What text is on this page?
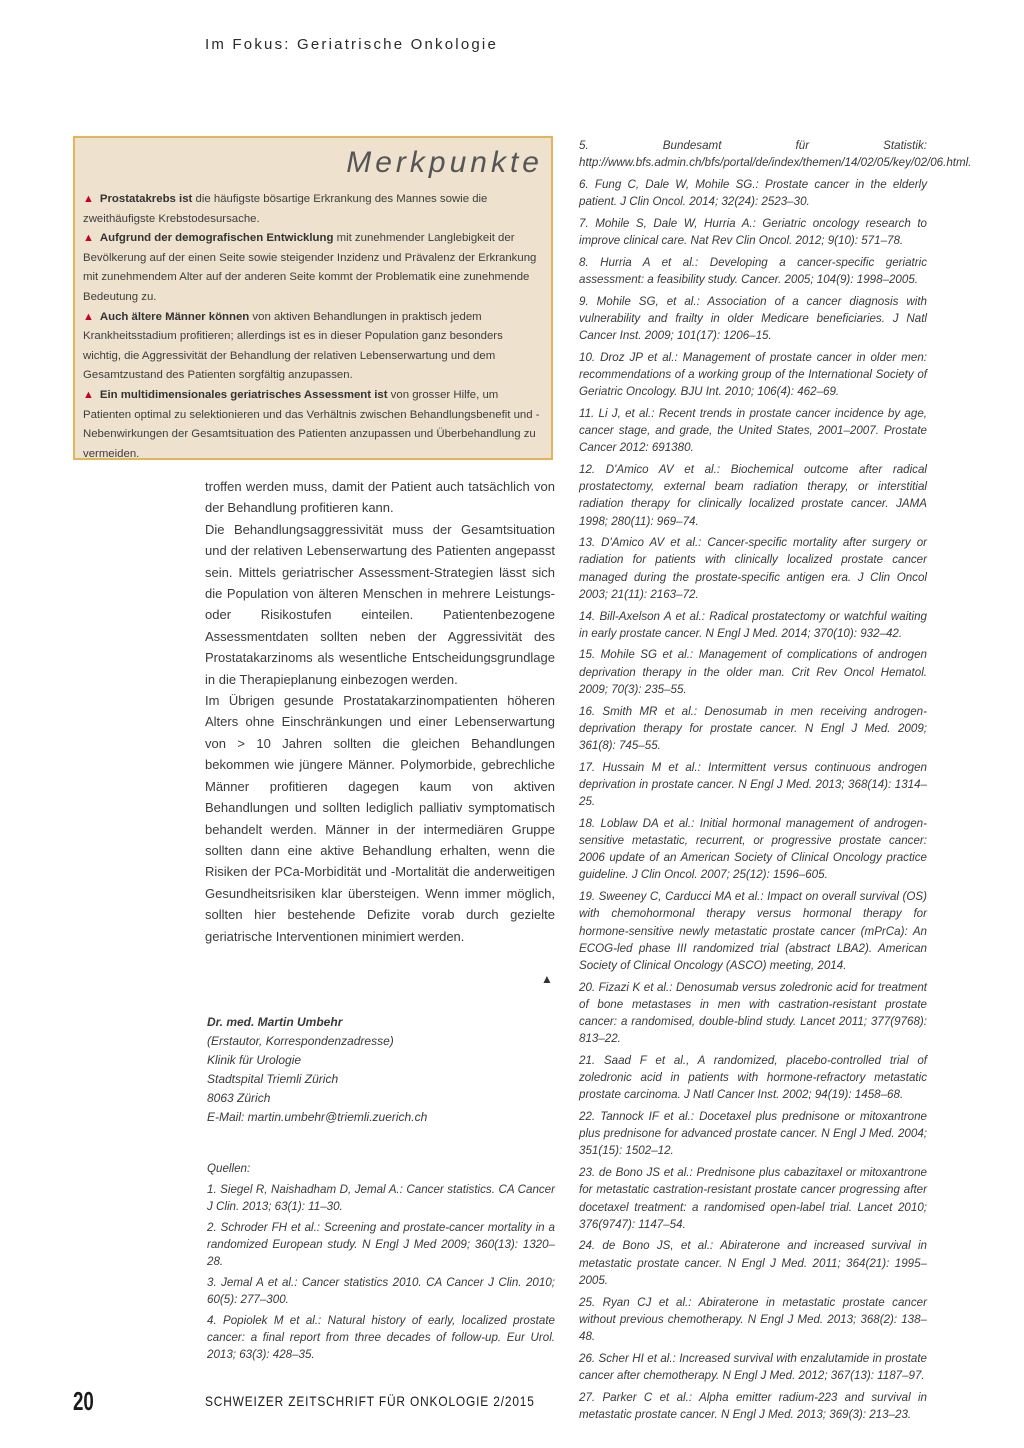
Im Fokus: Geriatrische Onkologie
Merkpunkte
▲ Prostatakrebs ist die häufigste bösartige Erkrankung des Mannes sowie die zweithäufigste Krebstodesursache.
▲ Aufgrund der demografischen Entwicklung mit zunehmender Langlebigkeit der Bevölkerung auf der einen Seite sowie steigender Inzidenz und Prävalenz der Erkrankung mit zunehmendem Alter auf der anderen Seite kommt der Problematik eine zunehmende Bedeutung zu.
▲ Auch ältere Männer können von aktiven Behandlungen in praktisch jedem Krankheitsstadium profitieren; allerdings ist es in dieser Population ganz besonders wichtig, die Aggressivität der Behandlung der relativen Lebenserwartung und dem Gesamtzustand des Patienten sorgfältig anzupassen.
▲ Ein multidimensionales geriatrisches Assessment ist von grosser Hilfe, um Patienten optimal zu selektionieren und das Verhältnis zwischen Behandlungsbenefit und -Nebenwirkungen der Gesamtsituation des Patienten anzupassen und Überbehandlung zu vermeiden.

troffen werden muss, damit der Patient auch tatsächlich von der Behandlung profitieren kann.

Die Behandlungsaggressivität muss der Gesamtsituation und der relativen Lebenserwartung des Patienten angepasst sein. Mittels geriatrischer Assessment-Strategien lässt sich die Population von älteren Menschen in mehrere Leistungs- oder Risikostufen einteilen. Patientenbezogene Assessmentdaten sollten neben der Aggressivität des Prostatakarzinoms als wesentliche Entscheidungsgrundlage in die Therapieplanung einbezogen werden.

Im Übrigen gesunde Prostatakarzinompatienten höheren Alters ohne Einschränkungen und einer Lebenserwartung von > 10 Jahren sollten die gleichen Behandlungen bekommen wie jüngere Männer. Polymorbide, gebrechliche Männer profitieren dagegen kaum von aktiven Behandlungen und sollten lediglich palliativ symptomatisch behandelt werden. Männer in der intermediären Gruppe sollten dann eine aktive Behandlung erhalten, wenn die Risiken der PCa-Morbidität und -Mortalität die anderweitigen Gesundheitsrisiken klar übersteigen. Wenn immer möglich, sollten hier bestehende Defizite vorab durch gezielte geriatrische Interventionen minimiert werden.

▲
Dr. med. Martin Umbehr
(Erstautor, Korrespondenzadresse)
Klinik für Urologie
Stadtspital Triemli Zürich
8063 Zürich
E-Mail: martin.umbehr@triemli.zuerich.ch
Quellen:
1. Siegel R, Naishadham D, Jemal A.: Cancer statistics. CA Cancer J Clin. 2013; 63(1): 11–30.
2. Schroder FH et al.: Screening and prostate-cancer mortality in a randomized European study. N Engl J Med 2009; 360(13): 1320–28.
3. Jemal A et al.: Cancer statistics 2010. CA Cancer J Clin. 2010; 60(5): 277–300.
4. Popiolek M et al.: Natural history of early, localized prostate cancer: a final report from three decades of follow-up. Eur Urol. 2013; 63(3): 428–35.
5. Bundesamt für Statistik: http://www.bfs.admin.ch/bfs/portal/de/index/themen/14/02/05/key/02/06.html.
6. Fung C, Dale W, Mohile SG.: Prostate cancer in the elderly patient. J Clin Oncol. 2014; 32(24): 2523–30.
7. Mohile S, Dale W, Hurria A.: Geriatric oncology research to improve clinical care. Nat Rev Clin Oncol. 2012; 9(10): 571–78.
8. Hurria A et al.: Developing a cancer-specific geriatric assessment: a feasibility study. Cancer. 2005; 104(9): 1998–2005.
9. Mohile SG, et al.: Association of a cancer diagnosis with vulnerability and frailty in older Medicare beneficiaries. J Natl Cancer Inst. 2009; 101(17): 1206–15.
10. Droz JP et al.: Management of prostate cancer in older men: recommendations of a working group of the International Society of Geriatric Oncology. BJU Int. 2010; 106(4): 462–69.
11. Li J, et al.: Recent trends in prostate cancer incidence by age, cancer stage, and grade, the United States, 2001–2007. Prostate Cancer 2012: 691380.
12. D'Amico AV et al.: Biochemical outcome after radical prostatectomy, external beam radiation therapy, or interstitial radiation therapy for clinically localized prostate cancer. JAMA 1998; 280(11): 969–74.
13. D'Amico AV et al.: Cancer-specific mortality after surgery or radiation for patients with clinically localized prostate cancer managed during the prostate-specific antigen era. J Clin Oncol 2003; 21(11): 2163–72.
14. Bill-Axelson A et al.: Radical prostatectomy or watchful waiting in early prostate cancer. N Engl J Med. 2014; 370(10): 932–42.
15. Mohile SG et al.: Management of complications of androgen deprivation therapy in the older man. Crit Rev Oncol Hematol. 2009; 70(3): 235–55.
16. Smith MR et al.: Denosumab in men receiving androgen-deprivation therapy for prostate cancer. N Engl J Med. 2009; 361(8): 745–55.
17. Hussain M et al.: Intermittent versus continuous androgen deprivation in prostate cancer. N Engl J Med. 2013; 368(14): 1314–25.
18. Loblaw DA et al.: Initial hormonal management of androgen-sensitive metastatic, recurrent, or progressive prostate cancer: 2006 update of an American Society of Clinical Oncology practice guideline. J Clin Oncol. 2007; 25(12): 1596–605.
19. Sweeney C, Carducci MA et al.: Impact on overall survival (OS) with chemohormonal therapy versus hormonal therapy for hormone-sensitive newly metastatic prostate cancer (mPrCa): An ECOG-led phase III randomized trial (abstract LBA2). American Society of Clinical Oncology (ASCO) meeting, 2014.
20. Fizazi K et al.: Denosumab versus zoledronic acid for treatment of bone metastases in men with castration-resistant prostate cancer: a randomised, double-blind study. Lancet 2011; 377(9768): 813–22.
21. Saad F et al., A randomized, placebo-controlled trial of zoledronic acid in patients with hormone-refractory metastatic prostate carcinoma. J Natl Cancer Inst. 2002; 94(19): 1458–68.
22. Tannock IF et al.: Docetaxel plus prednisone or mitoxantrone plus prednisone for advanced prostate cancer. N Engl J Med. 2004; 351(15): 1502–12.
23. de Bono JS et al.: Prednisone plus cabazitaxel or mitoxantrone for metastatic castration-resistant prostate cancer progressing after docetaxel treatment: a randomised open-label trial. Lancet 2010; 376(9747): 1147–54.
24. de Bono JS, et al.: Abiraterone and increased survival in metastatic prostate cancer. N Engl J Med. 2011; 364(21): 1995–2005.
25. Ryan CJ et al.: Abiraterone in metastatic prostate cancer without previous chemotherapy. N Engl J Med. 2013; 368(2): 138–48.
26. Scher HI et al.: Increased survival with enzalutamide in prostate cancer after chemotherapy. N Engl J Med. 2012; 367(13): 1187–97.
27. Parker C et al.: Alpha emitter radium-223 and survival in metastatic prostate cancer. N Engl J Med. 2013; 369(3): 213–23.
20	SCHWEIZER ZEITSCHRIFT FÜR ONKOLOGIE 2/2015
